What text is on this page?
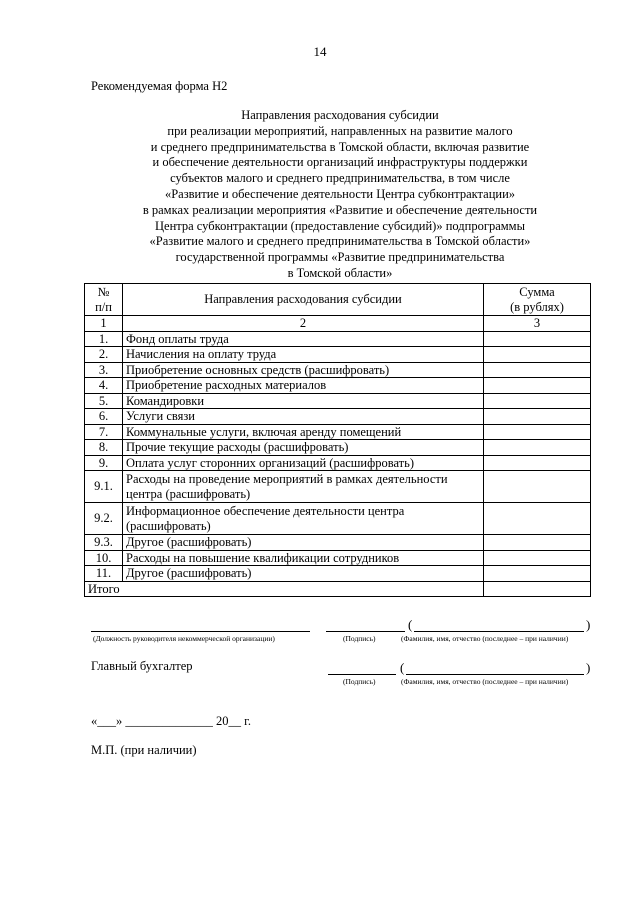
14
Рекомендуемая форма Н2
Направления расходования субсидии
при реализации мероприятий, направленных на развитие малого
и среднего предпринимательства в Томской области, включая развитие
и обеспечение деятельности организаций инфраструктуры поддержки
субъектов малого и среднего предпринимательства, в том числе
«Развитие и обеспечение деятельности Центра субконтрактации»
в рамках реализации мероприятия «Развитие и обеспечение деятельности
Центра субконтрактации (предоставление субсидий)» подпрограммы
«Развитие малого и среднего предпринимательства в Томской области»
государственной программы «Развитие предпринимательства
в Томской области»
№
п/п	Направления расходования субсидии	Сумма
(в рублях)
1	2	3
1.	Фонд оплаты труда	
2.	Начисления на оплату труда	
3.	Приобретение основных средств (расшифровать)	
4.	Приобретение расходных материалов	
5.	Командировки	
6.	Услуги связи	
7.	Коммунальные услуги, включая аренду помещений	
8.	Прочие текущие расходы (расшифровать)	
9.	Оплата услуг сторонних организаций (расшифровать)	
9.1.	Расходы на проведение мероприятий в рамках деятельности центра (расшифровать)	
9.2.	Информационное обеспечение деятельности центра (расшифровать)	
9.3.	Другое (расшифровать)	
10.	Расходы на повышение квалификации сотрудников	
11.	Другое (расшифровать)	
Итого		
(	)
(Должность руководителя некоммерческой организации)	(Подпись)	(Фамилия, имя, отчество (последнее – при наличии)
Главный бухгалтер	(	)
(Подпись)	(Фамилия, имя, отчество (последнее – при наличии)
«___» ______________ 20__ г.
М.П. (при наличии)
